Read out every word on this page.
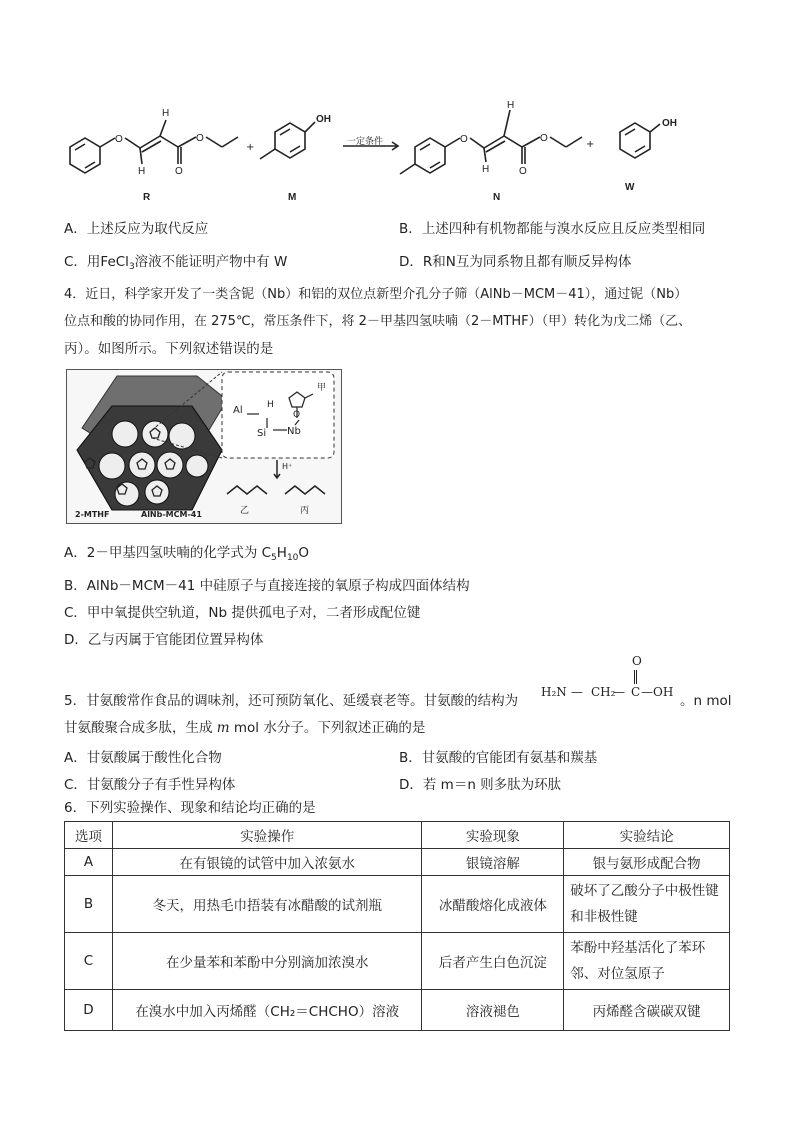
O
H
H	O
O	O
H
H	O
O
OH	OH
一定条件
+	+
R	M	N
W
A．上述反应为取代反应	B．上述四种有机物都能与溴水反应且反应类型相同
C．用FeCl$_3$溶液不能证明产物中有 W	D．R和N互为同系物且都有顺反异构体
4．近日，科学家开发了一类含铌（Nb）和铝的双位点新型介孔分子筛（AlNb－MCM－41），通过铌（Nb）
位点和酸的协同作用，在 275℃，常压条件下，将 2－甲基四氢呋喃（2－MTHF）（甲）转化为戊二烯（乙、
丙）。如图所示。下列叙述错误的是
Al
Si Nb
O
H
甲
H⁺
2-MTHF	AlNb-MCM-41	乙	丙
A．2－甲基四氢呋喃的化学式为 $C_5H_{10}O$
B．AlNb－MCM－41 中硅原子与直接连接的氧原子构成四面体结构
C．甲中氧提供空轨道，Nb 提供孤电子对，二者形成配位键
D．乙与丙属于官能团位置异构体
5．甘氨酸常作食品的调味剂，还可预防氧化、延缓衰老等。甘氨酸的结构为
O
H₂N — CH₂
— C —OH
。n mol
甘氨酸聚合成多肽，生成 m mol 水分子。下列叙述正确的是
A．甘氨酸属于酸性化合物	B．甘氨酸的官能团有氨基和羰基
C．甘氨酸分子有手性异构体	D．若 m＝n 则多肽为环肽
6．下列实验操作、现象和结论均正确的是
选项	实验操作	实验现象	实验结论
A	在有银镜的试管中加入浓氨水	银镜溶解	银与氨形成配合物
B	冬天，用热毛巾捂装有冰醋酸的试剂瓶	冰醋酸熔化成液体	破坏了乙酸分子中极性键和非极性键
C	在少量苯和苯酚中分别滴加浓溴水	后者产生白色沉淀	苯酚中羟基活化了苯环邻、对位氢原子
D	在溴水中加入丙烯醛（CH₂＝CHCHO）溶液	溶液褪色	丙烯醛含碳碳双键
